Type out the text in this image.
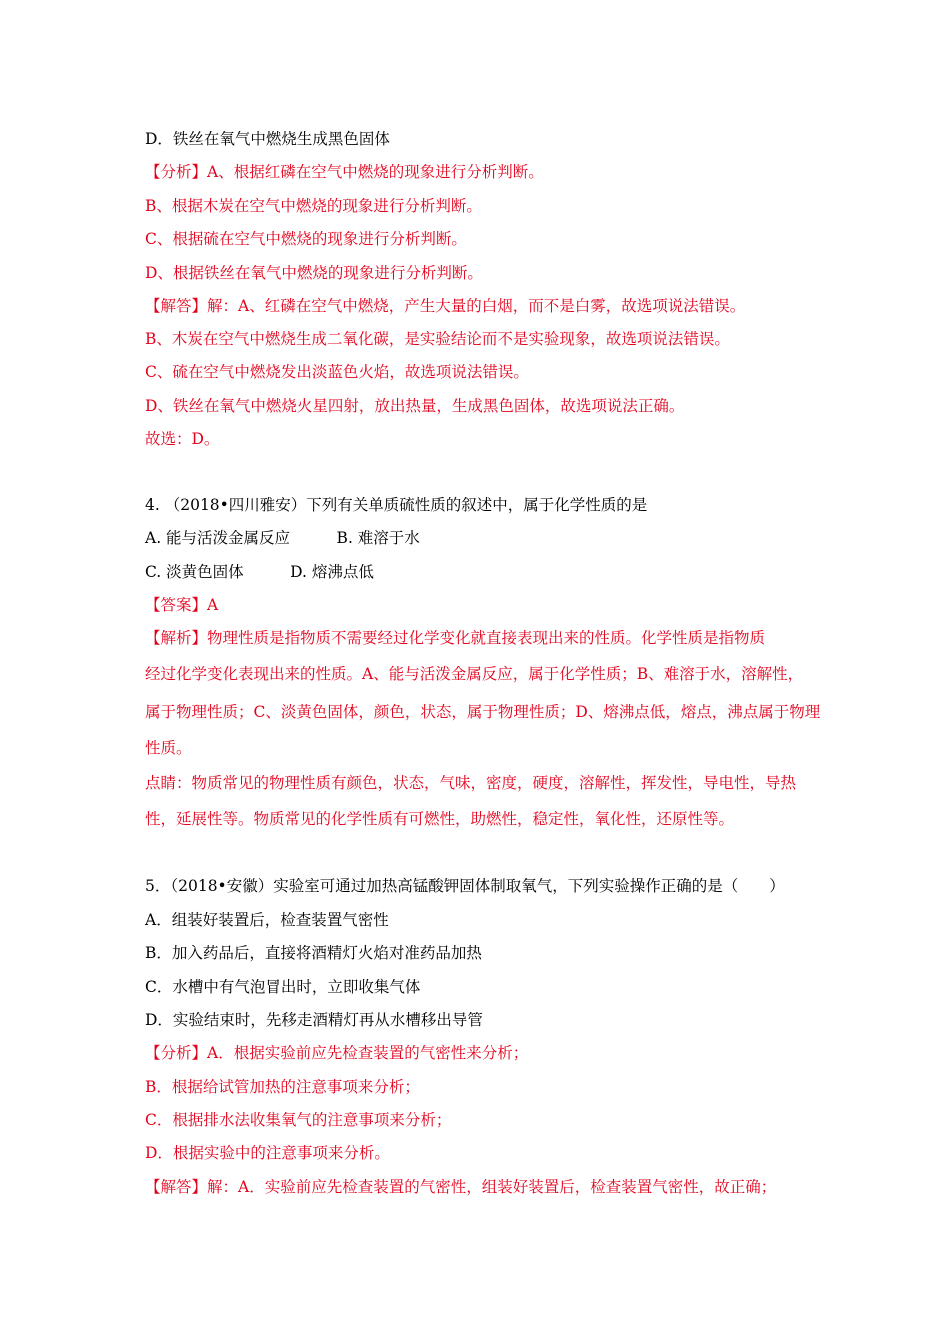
D．铁丝在氧气中燃烧生成黑色固体
【分析】A、根据红磷在空气中燃烧的现象进行分析判断。
B、根据木炭在空气中燃烧的现象进行分析判断。
C、根据硫在空气中燃烧的现象进行分析判断。
D、根据铁丝在氧气中燃烧的现象进行分析判断。
【解答】解：A、红磷在空气中燃烧，产生大量的白烟，而不是白雾，故选项说法错误。
B、木炭在空气中燃烧生成二氧化碳，是实验结论而不是实验现象，故选项说法错误。
C、硫在空气中燃烧发出淡蓝色火焰，故选项说法错误。
D、铁丝在氧气中燃烧火星四射，放出热量，生成黑色固体，故选项说法正确。
故选：D。
4. （2018•四川雅安）下列有关单质硫性质的叙述中，属于化学性质的是
A. 能与活泼金属反应　　　B. 难溶于水
C. 淡黄色固体　　　D. 熔沸点低
【答案】A
【解析】物理性质是指物质不需要经过化学变化就直接表现出来的性质。化学性质是指物质
经过化学变化表现出来的性质。A、能与活泼金属反应，属于化学性质；B、难溶于水，溶解性，
属于物理性质；C、淡黄色固体，颜色，状态，属于物理性质；D、熔沸点低，熔点，沸点属于物理
性质。
点睛：物质常见的物理性质有颜色，状态，气味，密度，硬度，溶解性，挥发性，导电性，导热
性，延展性等。物质常见的化学性质有可燃性，助燃性，稳定性，氧化性，还原性等。
5．（2018•安徽）实验室可通过加热高锰酸钾固体制取氧气，下列实验操作正确的是（　　）
A．组装好装置后，检查装置气密性
B．加入药品后，直接将酒精灯火焰对准药品加热
C．水槽中有气泡冒出时，立即收集气体
D．实验结束时，先移走酒精灯再从水槽移出导管
【分析】A．根据实验前应先检查装置的气密性来分析；
B．根据给试管加热的注意事项来分析；
C．根据排水法收集氧气的注意事项来分析；
D．根据实验中的注意事项来分析。
【解答】解：A．实验前应先检查装置的气密性，组装好装置后，检查装置气密性，故正确；
